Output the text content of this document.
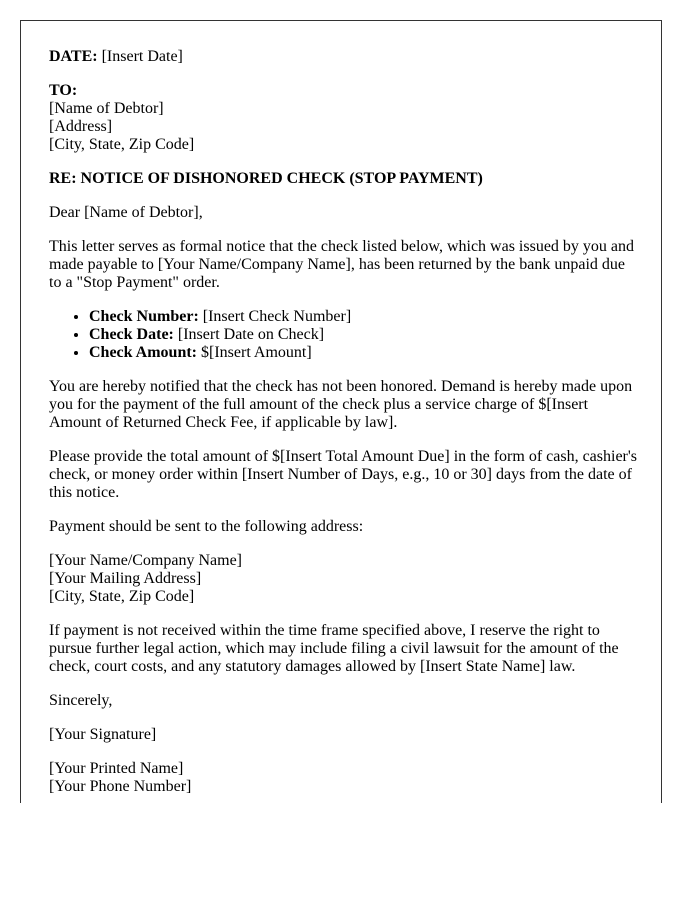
DATE: [Insert Date]

TO:
[Name of Debtor]
[Address]
[City, State, Zip Code]

RE: NOTICE OF DISHONORED CHECK (STOP PAYMENT)

Dear [Name of Debtor],

This letter serves as formal notice that the check listed below, which was issued by you and made payable to [Your Name/Company Name], has been returned by the bank unpaid due to a "Stop Payment" order.

• Check Number: [Insert Check Number]
• Check Date: [Insert Date on Check]
• Check Amount: $[Insert Amount]

You are hereby notified that the check has not been honored. Demand is hereby made upon you for the payment of the full amount of the check plus a service charge of $[Insert Amount of Returned Check Fee, if applicable by law].

Please provide the total amount of $[Insert Total Amount Due] in the form of cash, cashier's check, or money order within [Insert Number of Days, e.g., 10 or 30] days from the date of this notice.

Payment should be sent to the following address:

[Your Name/Company Name]
[Your Mailing Address]
[City, State, Zip Code]

If payment is not received within the time frame specified above, I reserve the right to pursue further legal action, which may include filing a civil lawsuit for the amount of the check, court costs, and any statutory damages allowed by [Insert State Name] law.

Sincerely,

[Your Signature]

[Your Printed Name]
[Your Phone Number]
